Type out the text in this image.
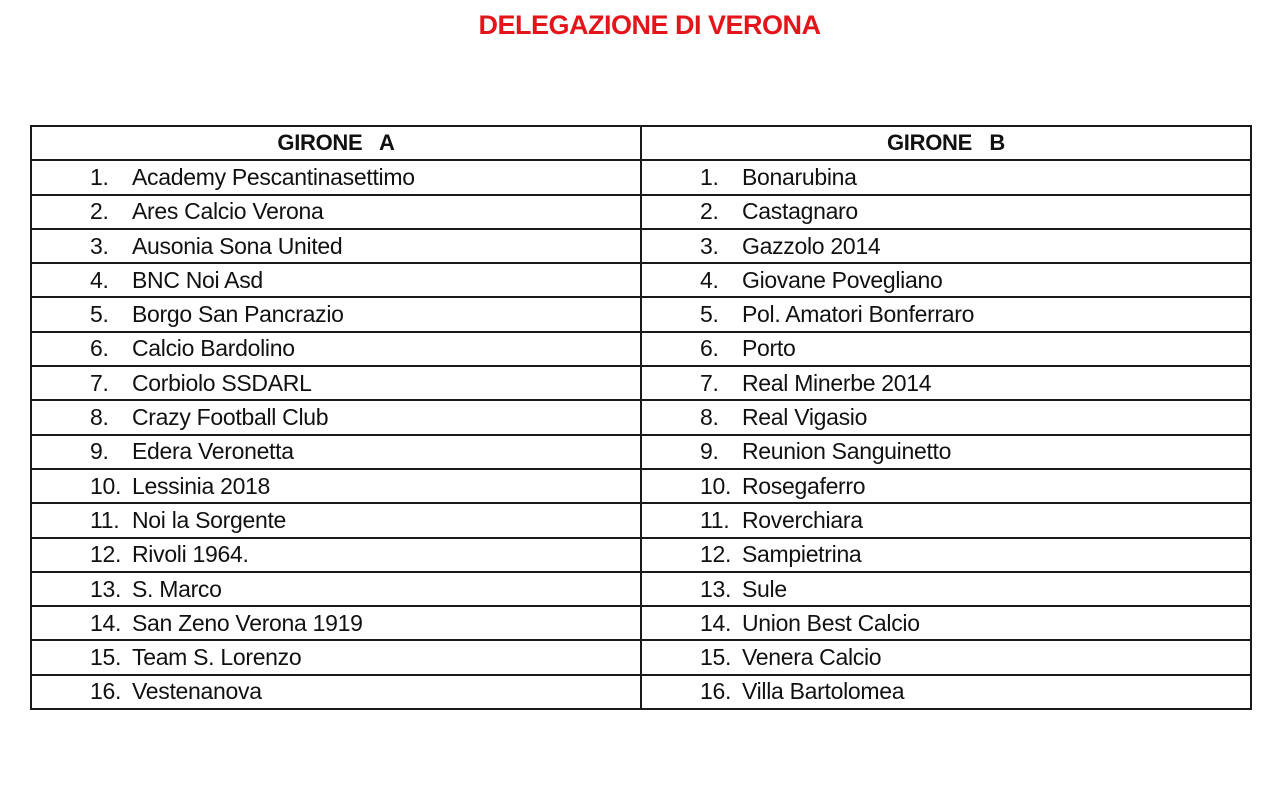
DELEGAZIONE DI VERONA
GIRONE   A	GIRONE   B
1. Academy Pescantinasettimo	1. Bonarubina
2. Ares Calcio Verona	2. Castagnaro
3. Ausonia Sona United	3. Gazzolo 2014
4. BNC Noi Asd	4. Giovane Povegliano
5. Borgo San Pancrazio	5. Pol. Amatori Bonferraro
6. Calcio Bardolino	6. Porto
7. Corbiolo SSDARL	7. Real Minerbe 2014
8. Crazy Football Club	8. Real Vigasio
9. Edera Veronetta	9. Reunion Sanguinetto
10. Lessinia 2018	10. Rosegaferro
11. Noi la Sorgente	11. Roverchiara
12. Rivoli 1964.	12. Sampietrina
13. S. Marco	13. Sule
14. San Zeno Verona 1919	14. Union Best Calcio
15. Team S. Lorenzo	15. Venera Calcio
16. Vestenanova	16. Villa Bartolomea
